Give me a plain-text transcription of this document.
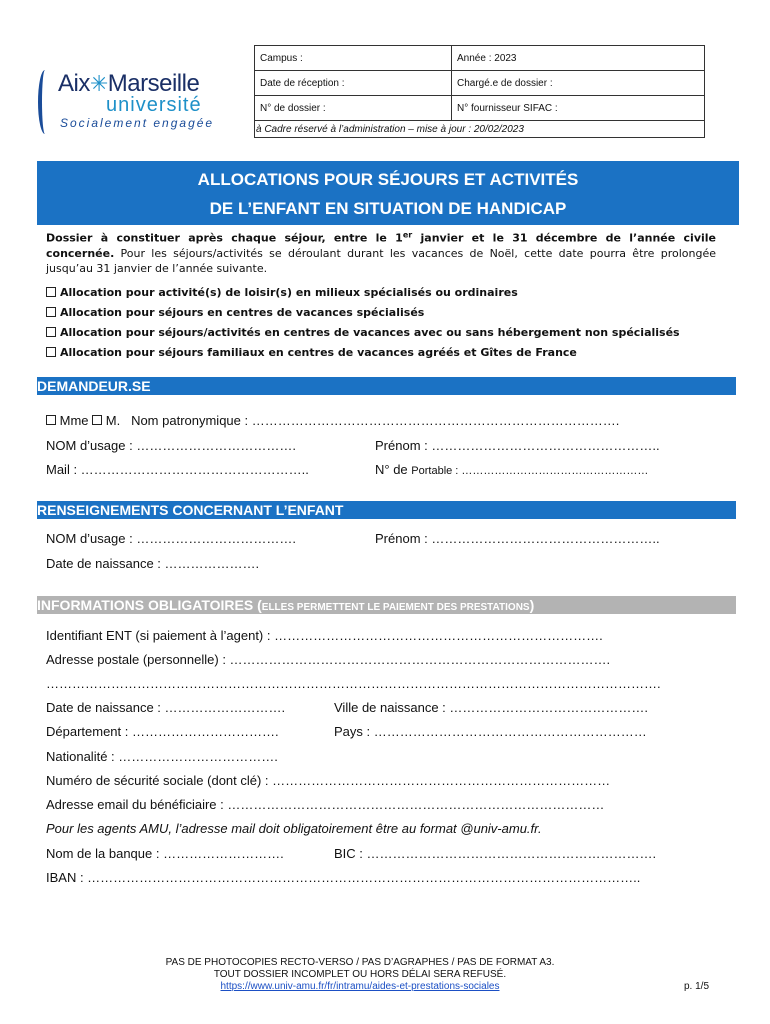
Aix✳Marseille
université
Socialement engagée
Campus :	Année : 2023
Date de réception :	Chargé.e de dossier :
N° de dossier :	N° fournisseur SIFAC :
à Cadre réservé à l’administration – mise à jour : 20/02/2023	
ALLOCATIONS POUR SÉJOURS ET ACTIVITÉS
DE L’ENFANT EN SITUATION DE HANDICAP
Dossier à constituer après chaque séjour, entre le 1er janvier et le 31 décembre de l’année civile concernée. Pour les séjours/activités se déroulant durant les vacances de Noël, cette date pourra être prolongée jusqu’au 31 janvier de l’année suivante.
Allocation pour activité(s) de loisir(s) en milieux spécialisés ou ordinaires
Allocation pour séjours en centres de vacances spécialisés
Allocation pour séjours/activités en centres de vacances avec ou sans hébergement non spécialisés
Allocation pour séjours familiaux en centres de vacances agréés et Gîtes de France
DEMANDEUR.SE
Mme M. Nom patronymique : ………………………………………………………………………….
NOM d’usage : ……………………………….	Prénom : ……………………………………………..
Mail : ……………………………………………..	N° de Portable : ……………………………………………
RENSEIGNEMENTS CONCERNANT L’ENFANT
NOM d’usage : ……………………………….	Prénom : ……………………………………………..
Date de naissance : ………………….
INFORMATIONS OBLIGATOIRES (ELLES PERMETTENT LE PAIEMENT DES PRESTATIONS)
Identifiant ENT (si paiement à l’agent) : ………………………………………………………………….
Adresse postale (personnelle) : …………………………………………………………………………….
…………………………………………………………………………………………………………………………….
Date de naissance : ……………………….	Ville de naissance : ……………………………………….
Département : …………………………….	Pays : ………………………………………………………
Nationalité : ……………………………….
Numéro de sécurité sociale (dont clé) : ……………………………………………………………………
Adresse email du bénéficiaire : ……………………………………………………………………………
Pour les agents AMU, l’adresse mail doit obligatoirement être au format @univ-amu.fr.
Nom de la banque : ……………………….	BIC : ………………………………………………………….
IBAN : ………………………………………………………………………………………………………………..
PAS DE PHOTOCOPIES RECTO-VERSO / PAS D’AGRAPHES / PAS DE FORMAT A3.
TOUT DOSSIER INCOMPLET OU HORS DÉLAI SERA REFUSÉ.
https://www.univ-amu.fr/fr/intramu/aides-et-prestations-sociales	p. 1/5
